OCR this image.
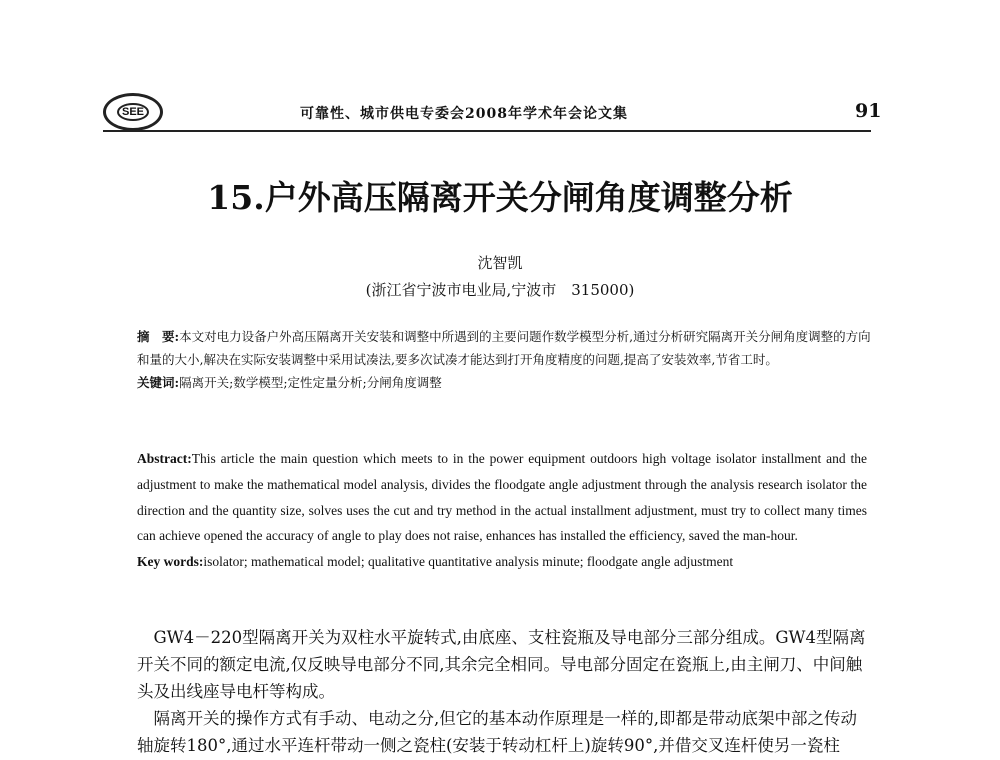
SEE	可靠性、城市供电专委会2008年学术年会论文集	91
15.户外高压隔离开关分闸角度调整分析
沈智凯
(浙江省宁波市电业局,宁波市　315000)
摘　要:本文对电力设备户外高压隔离开关安装和调整中所遇到的主要问题作数学模型分析,通过分析研究隔离开关分闸角度调整的方向和量的大小,解决在实际安装调整中采用试凑法,要多次试凑才能达到打开角度精度的问题,提高了安装效率,节省工时。
关键词:隔离开关;数学模型;定性定量分析;分闸角度调整
Abstract:This article the main question which meets to in the power equipment outdoors high voltage isolator installment and the adjustment to make the mathematical model analysis, divides the floodgate angle adjustment through the analysis research isolator the direction and the quantity size, solves uses the cut and try method in the actual installment adjustment, must try to collect many times can achieve opened the accuracy of angle to play does not raise, enhances has installed the efficiency, saved the man-hour.
Key words:isolator; mathematical model; qualitative quantitative analysis minute; floodgate angle adjustment

　GW4－220型隔离开关为双柱水平旋转式,由底座、支柱瓷瓶及导电部分三部分组成。GW4型隔离开关不同的额定电流,仅反映导电部分不同,其余完全相同。导电部分固定在瓷瓶上,由主闸刀、中间触头及出线座导电杆等构成。

　隔离开关的操作方式有手动、电动之分,但它的基本动作原理是一样的,即都是带动底架中部之传动轴旋转180°,通过水平连杆带动一侧之瓷柱(安装于转动杠杆上)旋转90°,并借交叉连杆使另一瓷柱
